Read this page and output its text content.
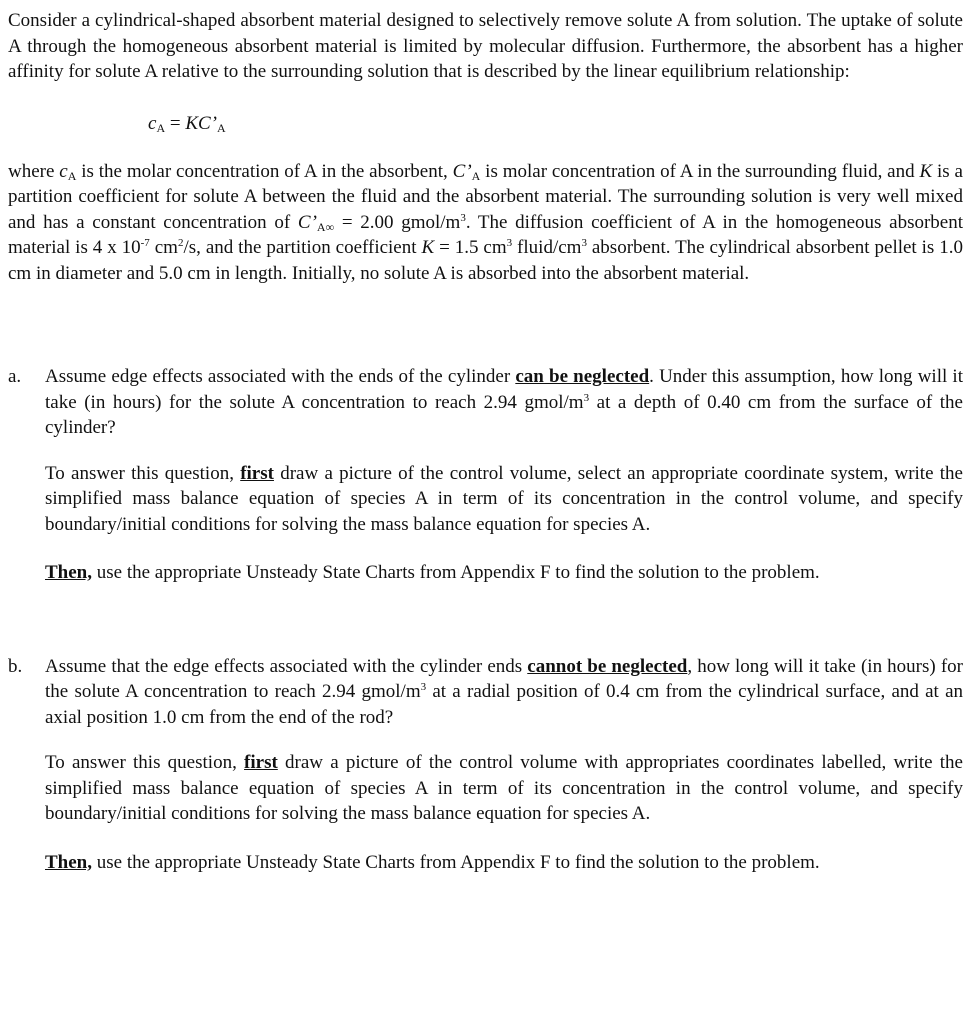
Consider a cylindrical-shaped absorbent material designed to selectively remove solute A from solution. The uptake of solute A through the homogeneous absorbent material is limited by molecular diffusion. Furthermore, the absorbent has a higher affinity for solute A relative to the surrounding solution that is described by the linear equilibrium relationship:

$c_A$ = $KC’_A$

where $c_A$ is the molar concentration of A in the absorbent, $C’_A$ is molar concentration of A in the surrounding fluid, and K is a partition coefficient for solute A between the fluid and the absorbent material. The surrounding solution is very well mixed and has a constant concentration of $C’_{A\infty} = 2.00$ gmol/$m^3$. The diffusion coefficient of A in the homogeneous absorbent material is 4 x $10^{-7}$ $cm^2/s$, and the partition coefficient K = 1.5 $cm^3$ fluid/$cm^3$ absorbent. The cylindrical absorbent pellet is 1.0 cm in diameter and 5.0 cm in length. Initially, no solute A is absorbed into the absorbent material.

a. Assume edge effects associated with the ends of the cylinder can be neglected. Under this assumption, how long will it take (in hours) for the solute A concentration to reach 2.94 gmol/$m^3$ at a depth of 0.40 cm from the surface of the cylinder?

To answer this question, first draw a picture of the control volume, select an appropriate coordinate system, write the simplified mass balance equation of species A in term of its concentration in the control volume, and specify boundary/initial conditions for solving the mass balance equation for species A.

Then, use the appropriate Unsteady State Charts from Appendix F to find the solution to the problem.

b. Assume that the edge effects associated with the cylinder ends cannot be neglected, how long will it take (in hours) for the solute A concentration to reach 2.94 gmol/$m^3$ at a radial position of 0.4 cm from the cylindrical surface, and at an axial position 1.0 cm from the end of the rod?

To answer this question, first draw a picture of the control volume with appropriates coordinates labelled, write the simplified mass balance equation of species A in term of its concentration in the control volume, and specify boundary/initial conditions for solving the mass balance equation for species A.

Then, use the appropriate Unsteady State Charts from Appendix F to find the solution to the problem.
